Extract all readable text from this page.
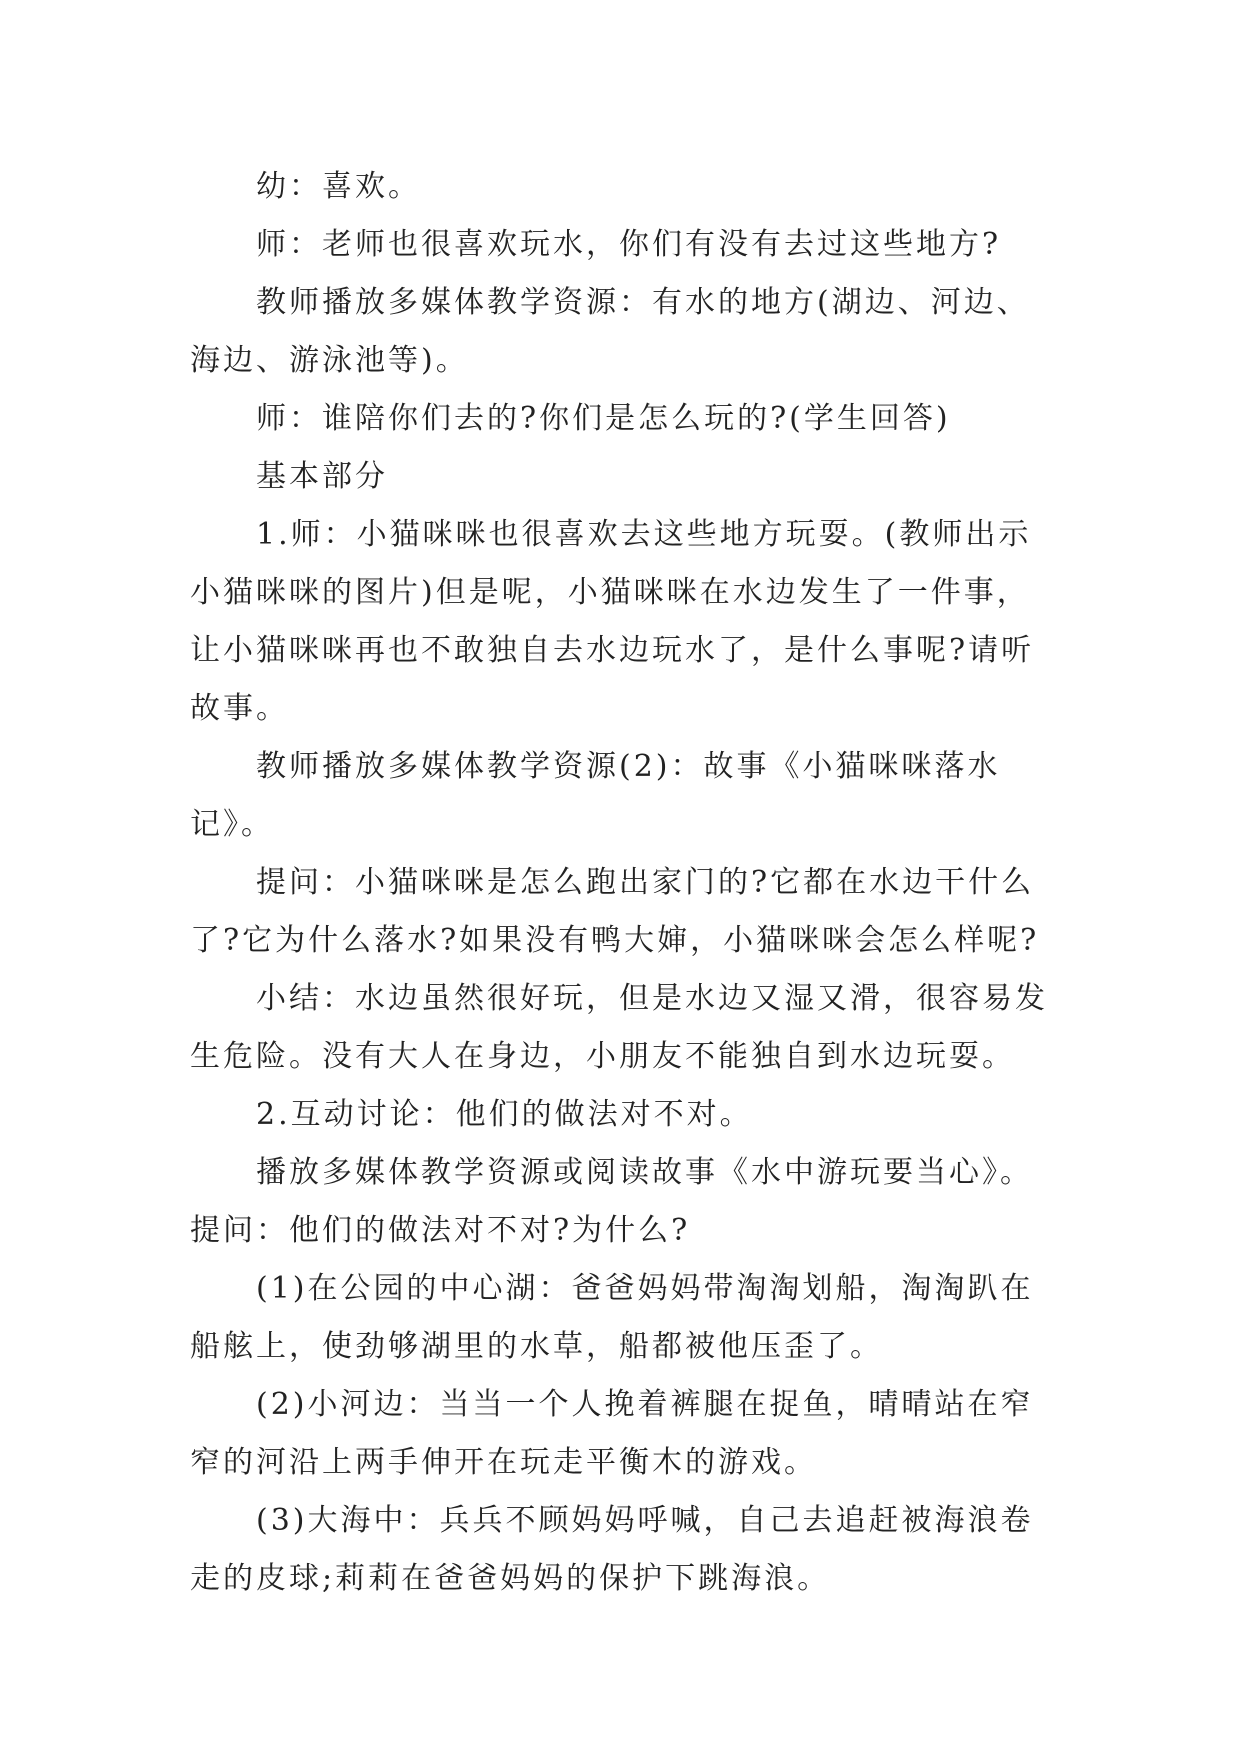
幼：喜欢。

师：老师也很喜欢玩水，你们有没有去过这些地方?

教师播放多媒体教学资源：有水的地方(湖边、河边、海边、游泳池等)。

师：谁陪你们去的?你们是怎么玩的?(学生回答)

基本部分

1.师：小猫咪咪也很喜欢去这些地方玩耍。(教师出示小猫咪咪的图片)但是呢，小猫咪咪在水边发生了一件事，让小猫咪咪再也不敢独自去水边玩水了，是什么事呢?请听故事。

教师播放多媒体教学资源(2)：故事《小猫咪咪落水记》。

提问：小猫咪咪是怎么跑出家门的?它都在水边干什么了?它为什么落水?如果没有鸭大婶，小猫咪咪会怎么样呢?

小结：水边虽然很好玩，但是水边又湿又滑，很容易发生危险。没有大人在身边，小朋友不能独自到水边玩耍。

2.互动讨论：他们的做法对不对。

播放多媒体教学资源或阅读故事《水中游玩要当心》。

提问：他们的做法对不对?为什么?

(1)在公园的中心湖：爸爸妈妈带淘淘划船，淘淘趴在船舷上，使劲够湖里的水草，船都被他压歪了。

(2)小河边：当当一个人挽着裤腿在捉鱼，晴晴站在窄窄的河沿上两手伸开在玩走平衡木的游戏。

(3)大海中：兵兵不顾妈妈呼喊，自己去追赶被海浪卷走的皮球;莉莉在爸爸妈妈的保护下跳海浪。
